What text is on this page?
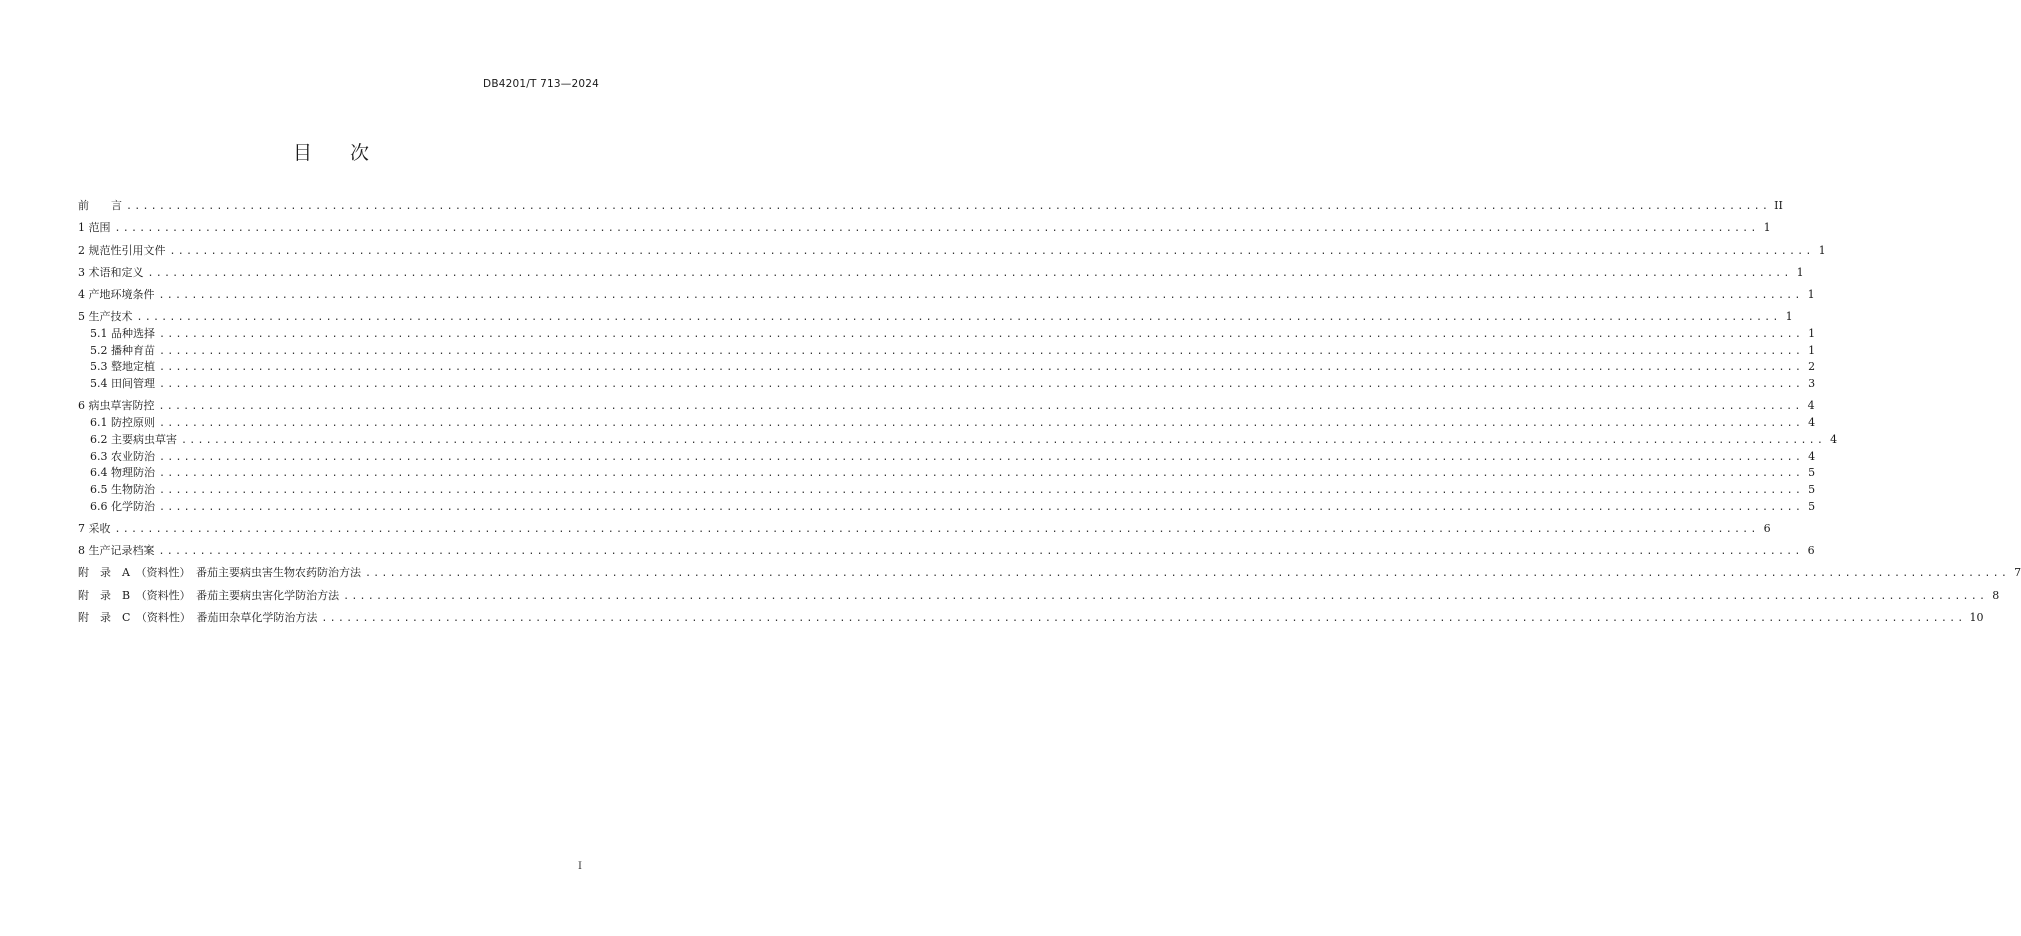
DB4201/T 713—2024
目次
前　　言 ........................................................................................................................................................................................................ II
1 范围 ........................................................................................................................................................................................................ 1
2 规范性引用文件 ........................................................................................................................................................................................................ 1
3 术语和定义 ........................................................................................................................................................................................................ 1
4 产地环境条件 ........................................................................................................................................................................................................ 1
5 生产技术 ........................................................................................................................................................................................................ 1
5.1 品种选择 ........................................................................................................................................................................................................ 1
5.2 播种育苗 ........................................................................................................................................................................................................ 1
5.3 整地定植 ........................................................................................................................................................................................................ 2
5.4 田间管理 ........................................................................................................................................................................................................ 3
6 病虫草害防控 ........................................................................................................................................................................................................ 4
6.1 防控原则 ........................................................................................................................................................................................................ 4
6.2 主要病虫草害 ........................................................................................................................................................................................................ 4
6.3 农业防治 ........................................................................................................................................................................................................ 4
6.4 物理防治 ........................................................................................................................................................................................................ 5
6.5 生物防治 ........................................................................................................................................................................................................ 5
6.6 化学防治 ........................................................................................................................................................................................................ 5
7 采收 ........................................................................................................................................................................................................ 6
8 生产记录档案 ........................................................................................................................................................................................................ 6
附　录　A　（资料性）　番茄主要病虫害生物农药防治方法 ........................................................................................................................................................................................................ 7
附　录　B　（资料性）　番茄主要病虫害化学防治方法 ........................................................................................................................................................................................................ 8
附　录　C　（资料性）　番茄田杂草化学防治方法 ........................................................................................................................................................................................................ 10
I
